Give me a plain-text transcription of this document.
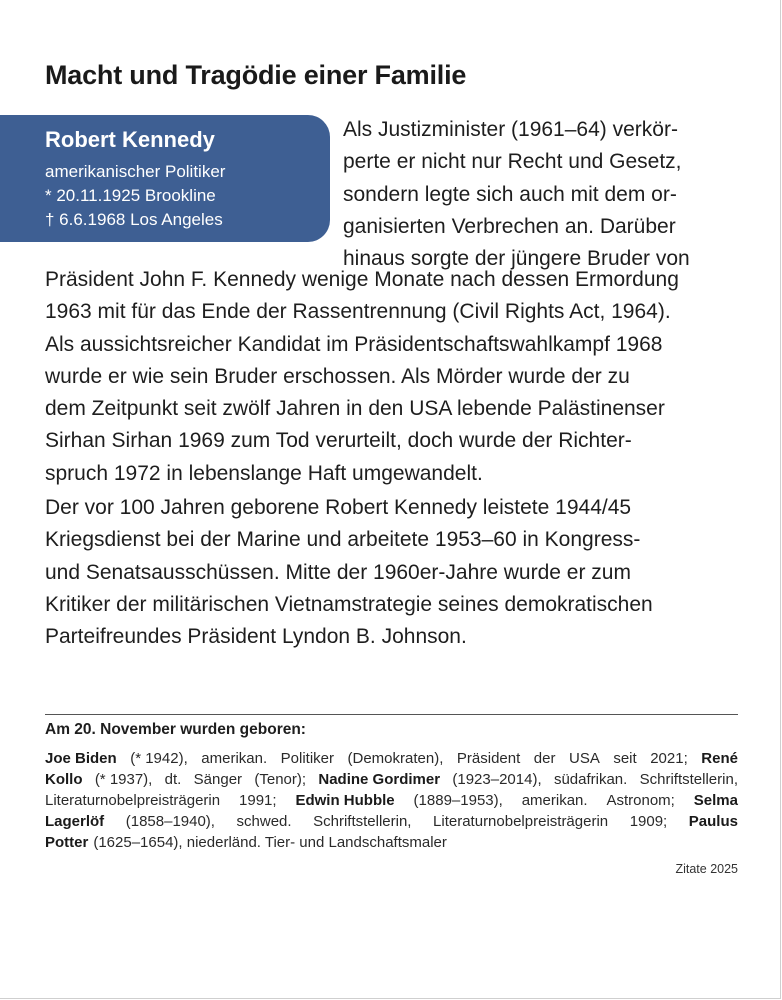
Macht und Tragödie einer Familie
Robert Kennedy
amerikanischer Politiker
* 20.11.1925 Brookline
† 6.6.1968 Los Angeles
Als Justizminister (1961–64) verkör-
perte er nicht nur Recht und Gesetz,
sondern legte sich auch mit dem or-
ganisierten Verbrechen an. Darüber
hinaus sorgte der jüngere Bruder von
Präsident John F. Kennedy wenige Monate nach dessen Ermordung
1963 mit für das Ende der Rassentrennung (Civil Rights Act, 1964).
Als aussichtsreicher Kandidat im Präsidentschaftswahlkampf 1968
wurde er wie sein Bruder erschossen. Als Mörder wurde der zu
dem Zeitpunkt seit zwölf Jahren in den USA lebende Palästinenser
Sirhan Sirhan 1969 zum Tod verurteilt, doch wurde der Richter-
spruch 1972 in lebenslange Haft umgewandelt.
Der vor 100 Jahren geborene Robert Kennedy leistete 1944/45
Kriegsdienst bei der Marine und arbeitete 1953–60 in Kongress-
und Senatsausschüssen. Mitte der 1960er-Jahre wurde er zum
Kritiker der militärischen Vietnamstrategie seines demokratischen
Parteifreundes Präsident Lyndon B. Johnson.
Am 20. November wurden geboren:
Joe Biden (* 1942), amerikan. Politiker (Demokraten), Präsident der USA seit 2021; René
Kollo (* 1937), dt. Sänger (Tenor); Nadine Gordimer (1923–2014), südafrikan. Schriftstellerin,
Literaturnobelpreisträgerin 1991; Edwin Hubble (1889–1953), amerikan. Astronom; Selma
Lagerlöf (1858–1940), schwed. Schriftstellerin, Literaturnobelpreisträgerin 1909; Paulus
Potter (1625–1654), niederländ. Tier- und Landschaftsmaler
Zitate 2025
